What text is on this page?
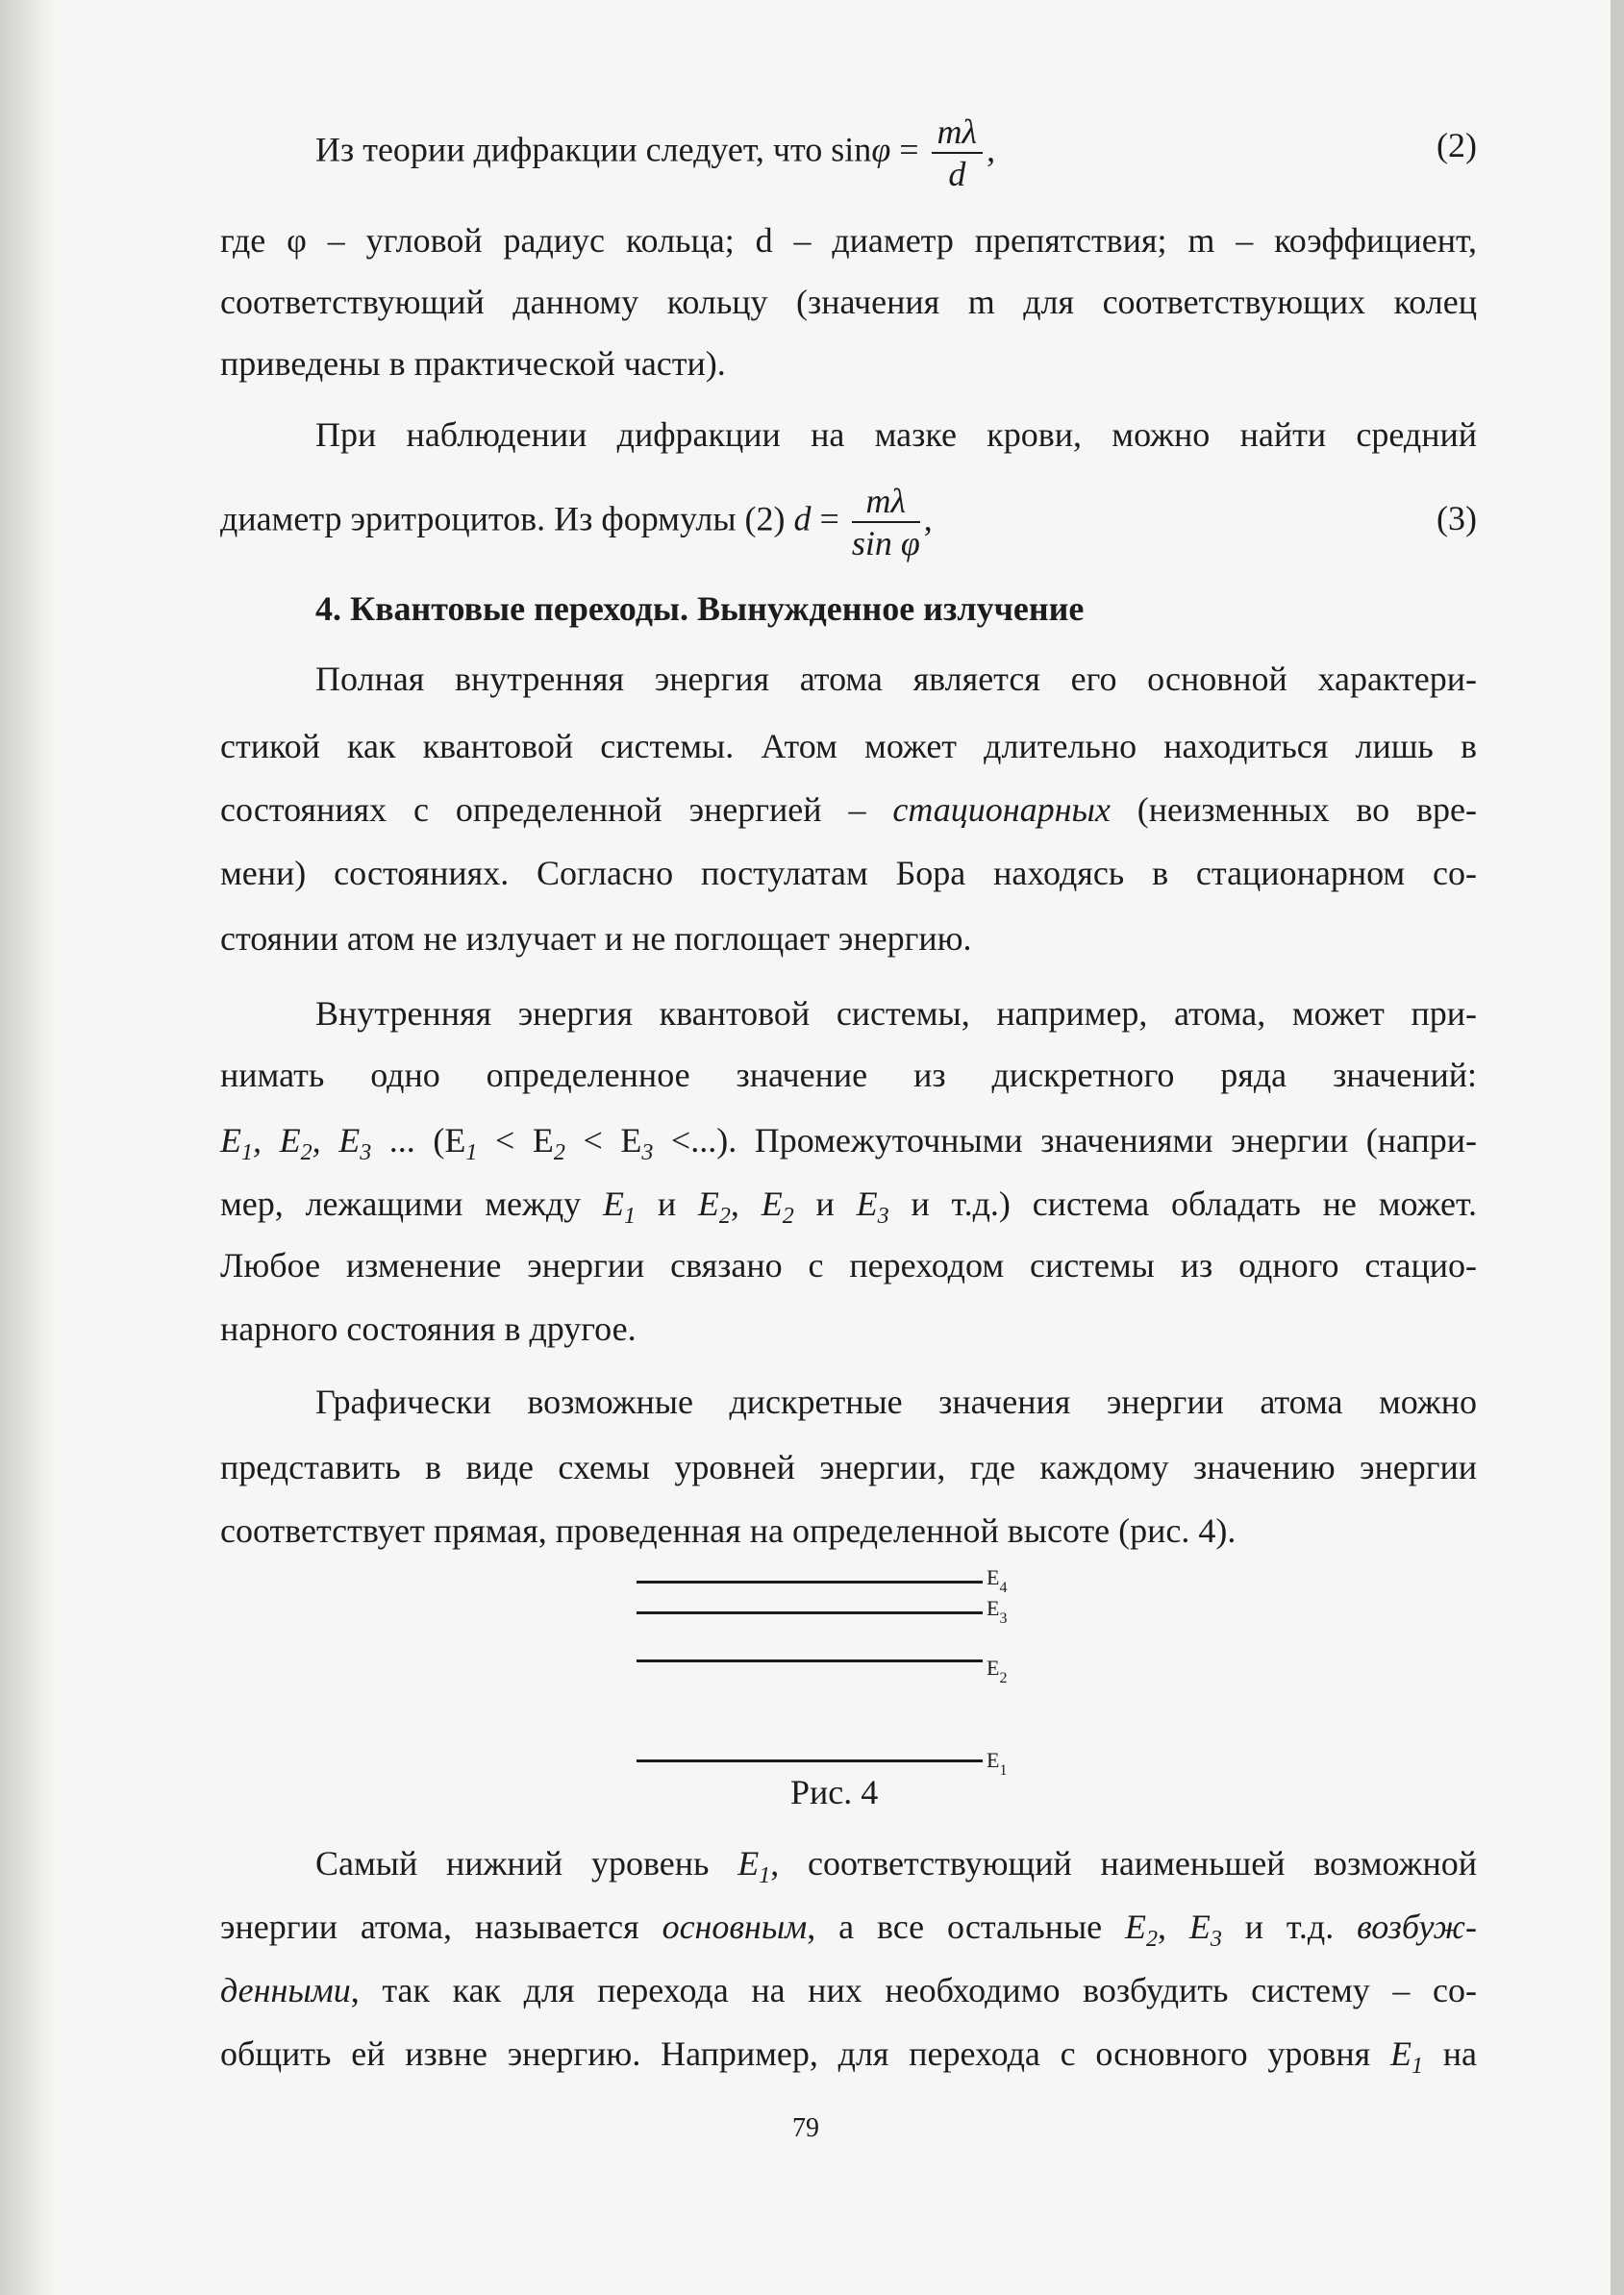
Из теории дифракции следует, что $\sin\varphi = \frac{m\lambda}{d}$ ,	(2)
где φ – угловой радиус кольца; d – диаметр препятствия; m – коэффициент,
соответствующий данному кольцу (значения m для соответствующих колец
приведены в практической части).
При наблюдении дифракции на мазке крови, можно найти средний
диаметр эритроцитов. Из формулы (2) $d = \frac{m\lambda}{\text{sin φ}}$ ,	(3)
4. Квантовые переходы. Вынужденное излучение
Полная внутренняя энергия атома является его основной характери-
стикой как квантовой системы. Атом может длительно находиться лишь в
состояниях с определенной энергией – стационарных (неизменных во вре-
мени) состояниях. Согласно постулатам Бора находясь в стационарном со-
стоянии атом не излучает и не поглощает энергию.
Внутренняя энергия квантовой системы, например, атома, может при-
нимать одно определенное значение из дискретного ряда значений:
$E_1$, $E_2$, $E_3$ ... ($E_1 < E_2 < E_3$ <...). Промежуточными значениями энергии (напри-
мер, лежащими между $E_1$ и $E_2$, $E_2$ и $E_3$ и т.д.) система обладать не может.
Любое изменение энергии связано с переходом системы из одного стацио-
нарного состояния в другое.
Графически возможные дискретные значения энергии атома можно
представить в виде схемы уровней энергии, где каждому значению энергии
соответствует прямая, проведенная на определенной высоте (рис. 4).
$E_4$
$E_3$
$E_2$
$E_1$
Рис. 4
Самый нижний уровень $E_1$, соответствующий наименьшей возможной
энергии атома, называется основным, а все остальные $E_2$, $E_3$ и т.д. возбуж-
денными, так как для перехода на них необходимо возбудить систему – со-
общить ей извне энергию. Например, для перехода с основного уровня $E_1$ на
79
